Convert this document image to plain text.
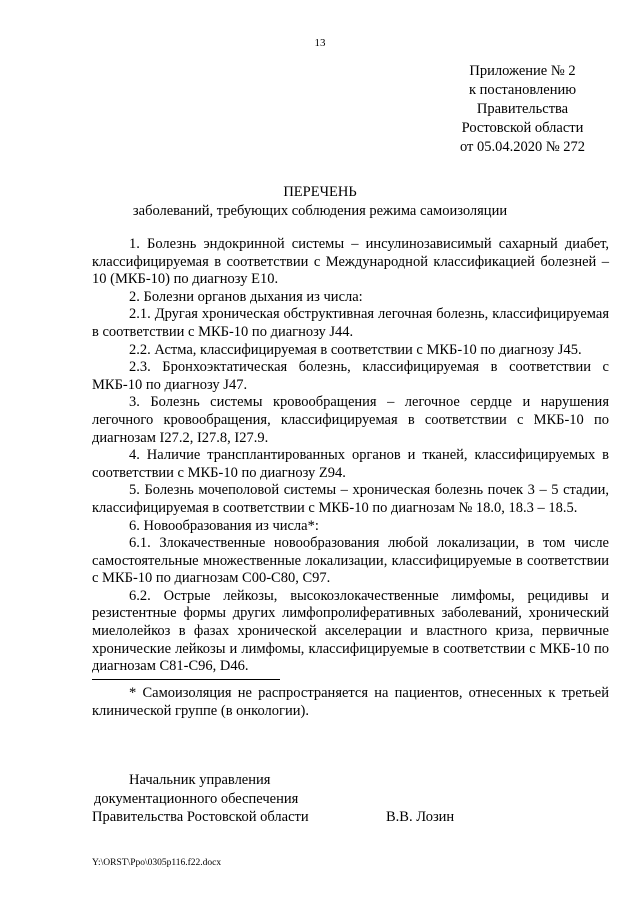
13
Приложение № 2
к постановлению
Правительства
Ростовской области
от 05.04.2020 № 272
ПЕРЕЧЕНЬ
заболеваний, требующих соблюдения режима самоизоляции

1. Болезнь эндокринной системы – инсулинозависимый сахарный диабет, классифицируемая в соответствии с Международной классификацией болезней – 10 (МКБ-10) по диагнозу Е10.

2. Болезни органов дыхания из числа:

2.1. Другая хроническая обструктивная легочная болезнь, классифицируемая в соответствии с МКБ-10 по диагнозу J44.

2.2. Астма, классифицируемая в соответствии с МКБ-10 по диагнозу J45.

2.3. Бронхоэктатическая болезнь, классифицируемая в соответствии с МКБ-10 по диагнозу J47.

3. Болезнь системы кровообращения – легочное сердце и нарушения легочного кровообращения, классифицируемая в соответствии с МКБ-10 по диагнозам I27.2, I27.8, I27.9.

4. Наличие трансплантированных органов и тканей, классифицируемых в соответствии с МКБ-10 по диагнозу Z94.

5. Болезнь мочеполовой системы – хроническая болезнь почек 3 – 5 стадии, классифицируемая в соответствии с МКБ-10 по диагнозам № 18.0, 18.3 – 18.5.

6. Новообразования из числа*:

6.1. Злокачественные новообразования любой локализации, в том числе самостоятельные множественные локализации, классифицируемые в соответствии с МКБ-10 по диагнозам С00-С80, С97.

6.2. Острые лейкозы, высокозлокачественные лимфомы, рецидивы и резистентные формы других лимфопролиферативных заболеваний, хронический миелолейкоз в фазах хронической акселерации и властного криза, первичные хронические лейкозы и лимфомы, классифицируемые в соответствии с МКБ-10 по диагнозам С81-С96, D46.

* Самоизоляция не распространяется на пациентов, отнесенных к третьей клинической группе (в онкологии).

Начальник управления
документационного обеспечения
Правительства Ростовской области	В.В. Лозин
Y:\ORST\Ppo\0305p116.f22.docx
